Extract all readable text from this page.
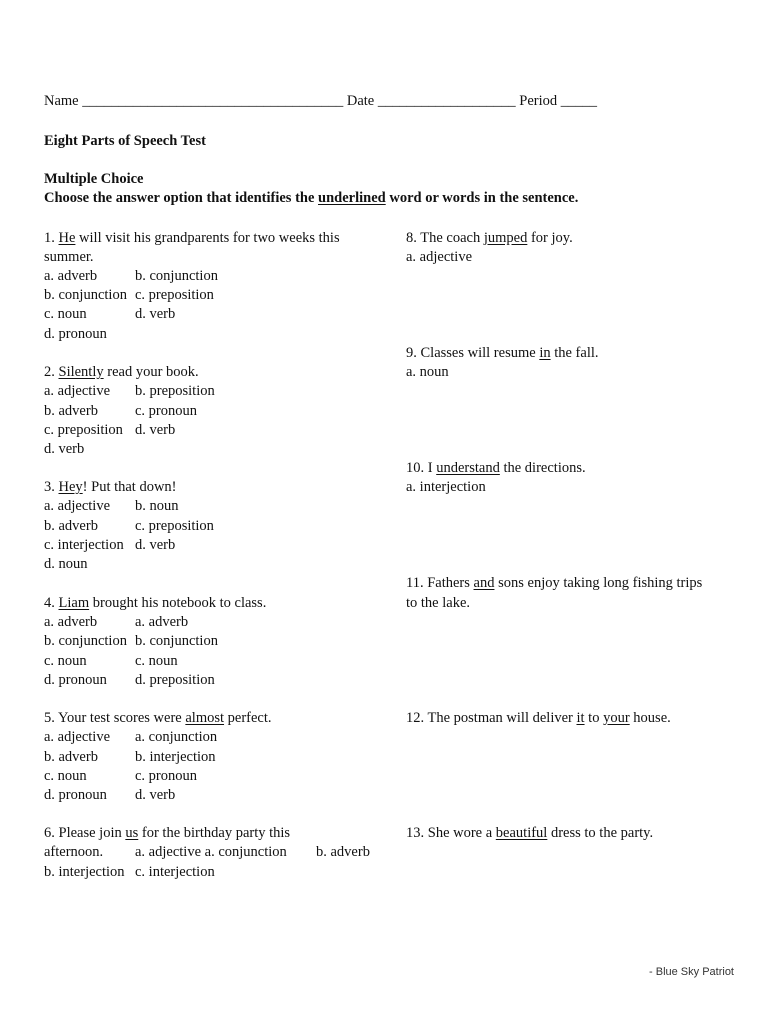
Name ____________________________________ Date ___________________ Period _____
Eight Parts of Speech Test
Multiple Choice
Choose the answer option that identifies the underlined word or words in the sentence.
1. He will visit his grandparents for two weeks this
summer.
a. adverb	b. conjunction
b. conjunction c. preposition
c. noun	d. verb
d. pronoun
2. Silently read your book.
a. adjective b. preposition
b. adverb	c. pronoun
c. preposition d. verb
d. verb
3. Hey! Put that down!
a. adjective b. noun
b. adverb	c. preposition
c. interjection d. verb
d. noun
4. Liam brought his notebook to class.
a. adverb	a. adverb
b. conjunction b. conjunction
c. noun	c. noun
d. pronoun d. preposition
5. Your test scores were almost perfect.
a. adjective a. conjunction
b. adverb	b. interjection
c. noun	c. pronoun
d. pronoun d. verb
6. Please join us for the birthday party this
afternoon. a. adjective a. conjunction b. adverb
b. interjection c. interjection
8. The coach jumped for joy.
a. adjective
9. Classes will resume in the fall.
a. noun
10. I understand the directions.
a. interjection
11. Fathers and sons enjoy taking long fishing trips
to the lake.
12. The postman will deliver it to your house.
13. She wore a beautiful dress to the party.
- Blue Sky Patriot
